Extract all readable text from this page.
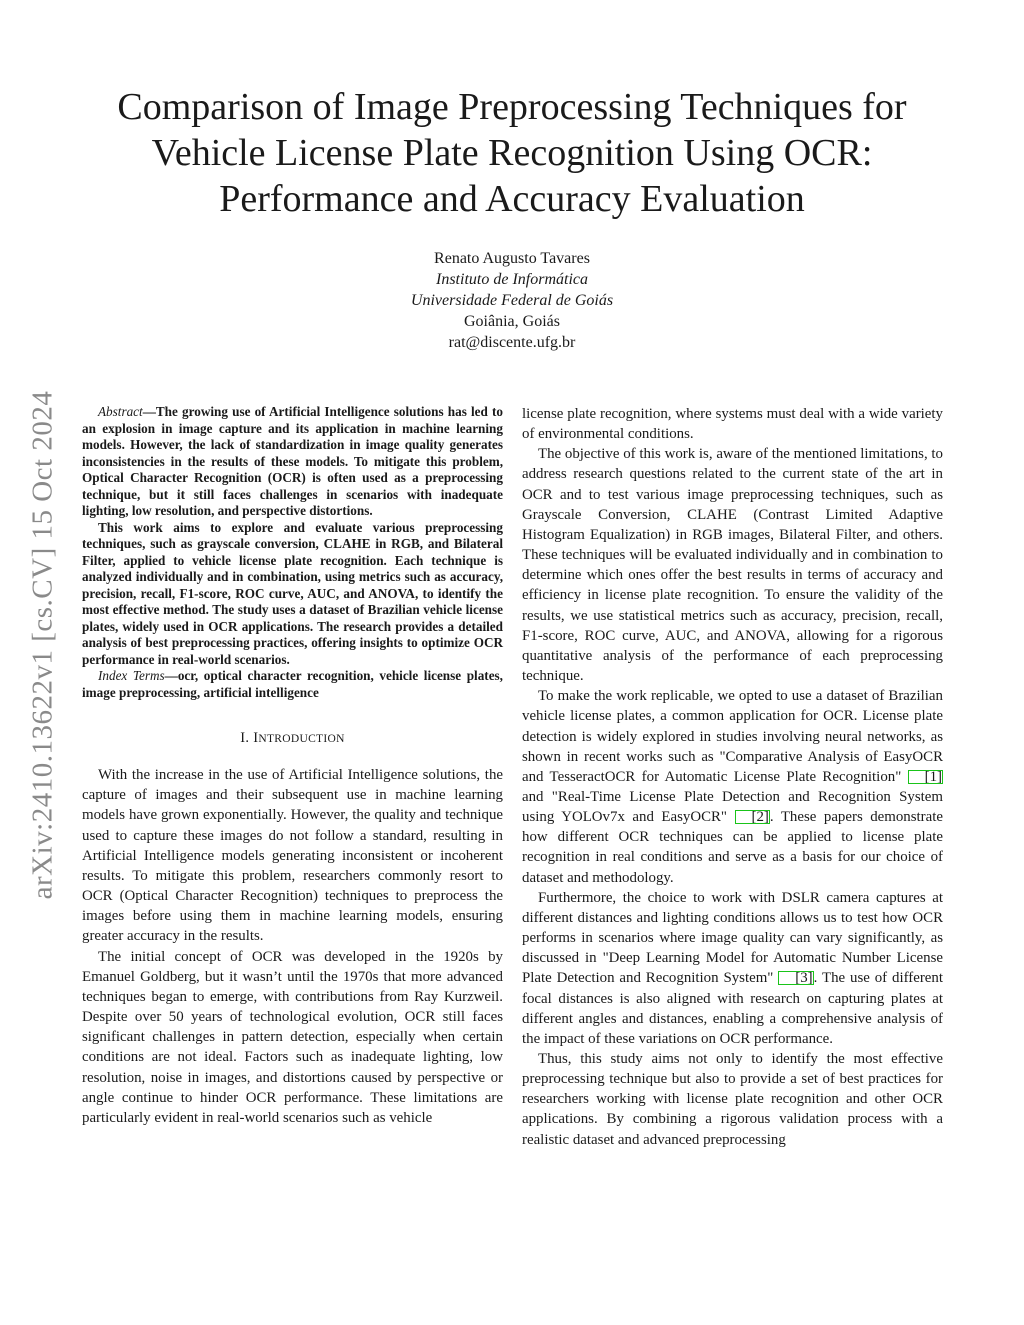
arXiv:2410.13622v1 [cs.CV] 15 Oct 2024
Comparison of Image Preprocessing Techniques for
Vehicle License Plate Recognition Using OCR:
Performance and Accuracy Evaluation
Renato Augusto Tavares
Instituto de Informática
Universidade Federal de Goiás
Goiânia, Goiás
rat@discente.ufg.br

Abstract—The growing use of Artificial Intelligence solutions has led to an explosion in image capture and its application in machine learning models. However, the lack of standardization in image quality generates inconsistencies in the results of these models. To mitigate this problem, Optical Character Recognition (OCR) is often used as a preprocessing technique, but it still faces challenges in scenarios with inadequate lighting, low resolution, and perspective distortions.

This work aims to explore and evaluate various preprocessing techniques, such as grayscale conversion, CLAHE in RGB, and Bilateral Filter, applied to vehicle license plate recognition. Each technique is analyzed individually and in combination, using metrics such as accuracy, precision, recall, F1-score, ROC curve, AUC, and ANOVA, to identify the most effective method. The study uses a dataset of Brazilian vehicle license plates, widely used in OCR applications. The research provides a detailed analysis of best preprocessing practices, offering insights to optimize OCR performance in real-world scenarios.

Index Terms—ocr, optical character recognition, vehicle license plates, image preprocessing, artificial intelligence

I. INTRODUCTION

With the increase in the use of Artificial Intelligence solutions, the capture of images and their subsequent use in machine learning models have grown exponentially. However, the quality and technique used to capture these images do not follow a standard, resulting in Artificial Intelligence models generating inconsistent or incoherent results. To mitigate this problem, researchers commonly resort to OCR (Optical Character Recognition) techniques to preprocess the images before using them in machine learning models, ensuring greater accuracy in the results.

The initial concept of OCR was developed in the 1920s by Emanuel Goldberg, but it wasn’t until the 1970s that more advanced techniques began to emerge, with contributions from Ray Kurzweil. Despite over 50 years of technological evolution, OCR still faces significant challenges in pattern detection, especially when certain conditions are not ideal. Factors such as inadequate lighting, low resolution, noise in images, and distortions caused by perspective or angle continue to hinder OCR performance. These limitations are particularly evident in real-world scenarios such as vehicle

license plate recognition, where systems must deal with a wide variety of environmental conditions.

The objective of this work is, aware of the mentioned limitations, to address research questions related to the current state of the art in OCR and to test various image preprocessing techniques, such as Grayscale Conversion, CLAHE (Contrast Limited Adaptive Histogram Equalization) in RGB images, Bilateral Filter, and others. These techniques will be evaluated individually and in combination to determine which ones offer the best results in terms of accuracy and efficiency in license plate recognition. To ensure the validity of the results, we use statistical metrics such as accuracy, precision, recall, F1-score, ROC curve, AUC, and ANOVA, allowing for a rigorous quantitative analysis of the performance of each preprocessing technique.

To make the work replicable, we opted to use a dataset of Brazilian vehicle license plates, a common application for OCR. License plate detection is widely explored in studies involving neural networks, as shown in recent works such as "Comparative Analysis of EasyOCR and TesseractOCR for Automatic License Plate Recognition" [1] and "Real-Time License Plate Detection and Recognition System using YOLOv7x and EasyOCR" [2]. These papers demonstrate how different OCR techniques can be applied to license plate recognition in real conditions and serve as a basis for our choice of dataset and methodology.

Furthermore, the choice to work with DSLR camera captures at different distances and lighting conditions allows us to test how OCR performs in scenarios where image quality can vary significantly, as discussed in "Deep Learning Model for Automatic Number License Plate Detection and Recognition System" [3]. The use of different focal distances is also aligned with research on capturing plates at different angles and distances, enabling a comprehensive analysis of the impact of these variations on OCR performance.

Thus, this study aims not only to identify the most effective preprocessing technique but also to provide a set of best practices for researchers working with license plate recognition and other OCR applications. By combining a rigorous validation process with a realistic dataset and advanced preprocessing
